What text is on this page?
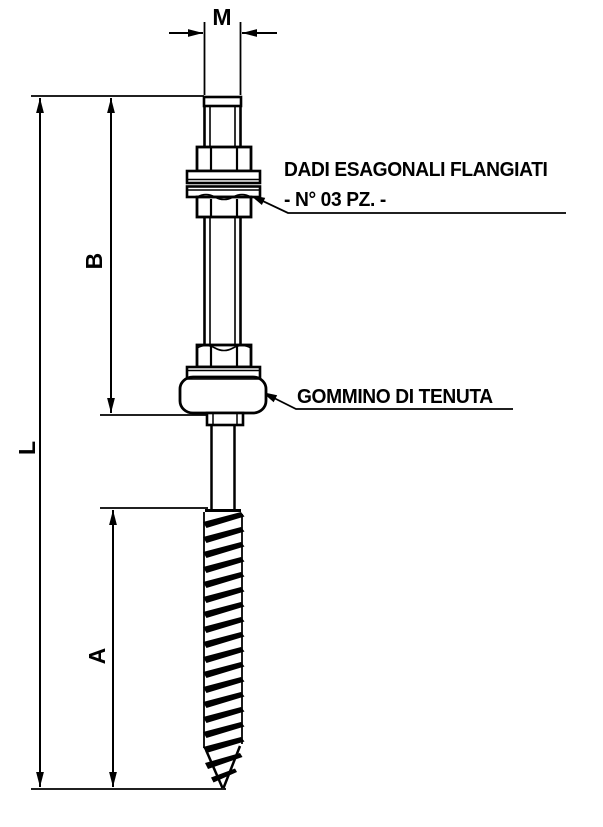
M
B
L
A
DADI ESAGONALI FLANGIATI
- N° 03 PZ. -
GOMMINO DI TENUTA
